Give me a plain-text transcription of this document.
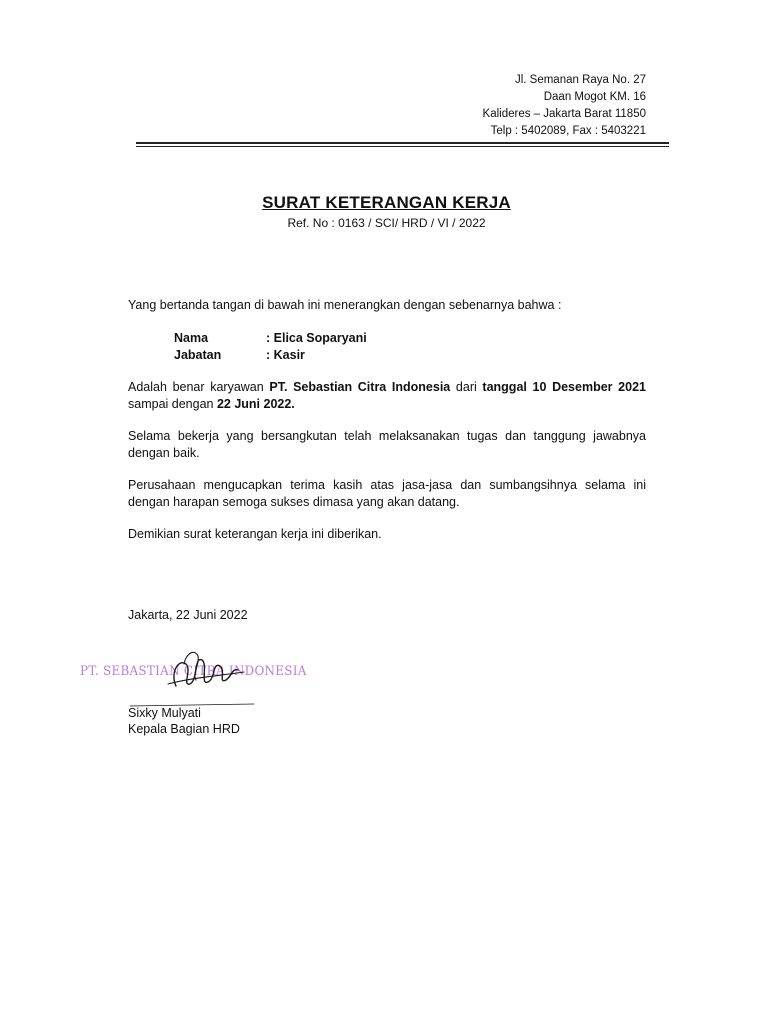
Jl. Semanan Raya No. 27
Daan Mogot KM. 16
Kalideres – Jakarta Barat 11850
Telp : 5402089, Fax : 5403221
SURAT KETERANGAN KERJA
Ref. No : 0163 / SCI/ HRD / VI / 2022
Yang bertanda tangan di bawah ini menerangkan dengan sebenarnya bahwa :
Nama	: Elica Soparyani
Jabatan	: Kasir
Adalah benar karyawan PT. Sebastian Citra Indonesia dari tanggal 10 Desember 2021 sampai dengan 22 Juni 2022.
Selama bekerja yang bersangkutan telah melaksanakan tugas dan tanggung jawabnya dengan baik.
Perusahaan mengucapkan terima kasih atas jasa-jasa dan sumbangsihnya selama ini dengan harapan semoga sukses dimasa yang akan datang.
Demikian surat keterangan kerja ini diberikan.
Jakarta, 22 Juni 2022
PT. SEBASTIAN CITRA INDONESIA
Sixky Mulyati
Kepala Bagian HRD
